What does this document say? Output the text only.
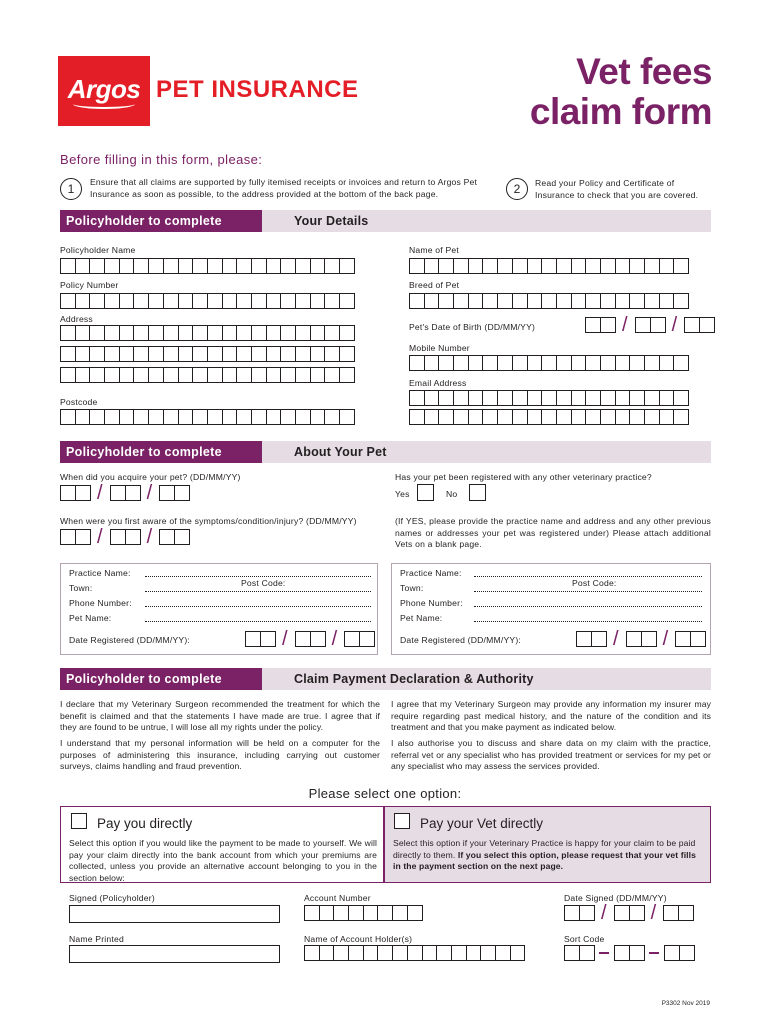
Argos PET INSURANCE	Vet fees
claim form
Before filling in this form, please:
1	Ensure that all claims are supported by fully itemised receipts or invoices and return to Argos Pet Insurance as soon as possible, to the address provided at the bottom of the back page.	2	Read your Policy and Certificate of Insurance to check that you are covered.
Policyholder to complete	Your Details
Policyholder Name
Policy Number
Address
Postcode
Name of Pet
Breed of Pet
Pet's Date of Birth (DD/MM/YY)	/ /
Mobile Number
Email Address
Policyholder to complete	About Your Pet
When did you acquire your pet? (DD/MM/YY)
/ /
When were you first aware of the symptoms/condition/injury? (DD/MM/YY)
/ /
Has your pet been registered with any other veterinary practice?
Yes	No
(If YES, please provide the practice name and address and any other previous names or addresses your pet was registered under) Please attach additional Vets on a blank page.
Practice Name:
Town:	Post Code:
Phone Number:
Pet Name:
Date Registered (DD/MM/YY):	/ /
Practice Name:
Town:	Post Code:
Phone Number:
Pet Name:
Date Registered (DD/MM/YY):	/ /
Policyholder to complete	Claim Payment Declaration & Authority
I declare that my Veterinary Surgeon recommended the treatment for which the benefit is claimed and that the statements I have made are true. I agree that if they are found to be untrue, I will lose all my rights under the policy.
I understand that my personal information will be held on a computer for the purposes of administering this insurance, including carrying out customer surveys, claims handling and fraud prevention.
I agree that my Veterinary Surgeon may provide any information my insurer may require regarding past medical history, and the nature of the condition and its treatment and that you make payment as indicated below.
I also authorise you to discuss and share data on my claim with the practice, referral vet or any specialist who has provided treatment or services for my pet or any specialist who may assess the services provided.
Please select one option:
Pay you directly
Select this option if you would like the payment to be made to yourself. We will pay your claim directly into the bank account from which your premiums are collected, unless you provide an alternative account belonging to you in the section below:
Pay your Vet directly
Select this option if your Veterinary Practice is happy for your claim to be paid directly to them. If you select this option, please request that your vet fills in the payment section on the next page.
Signed (Policyholder)	Account Number	Date Signed (DD/MM/YY)
/ /
Name Printed	Name of Account Holder(s)	Sort Code
P3302 Nov 2019
